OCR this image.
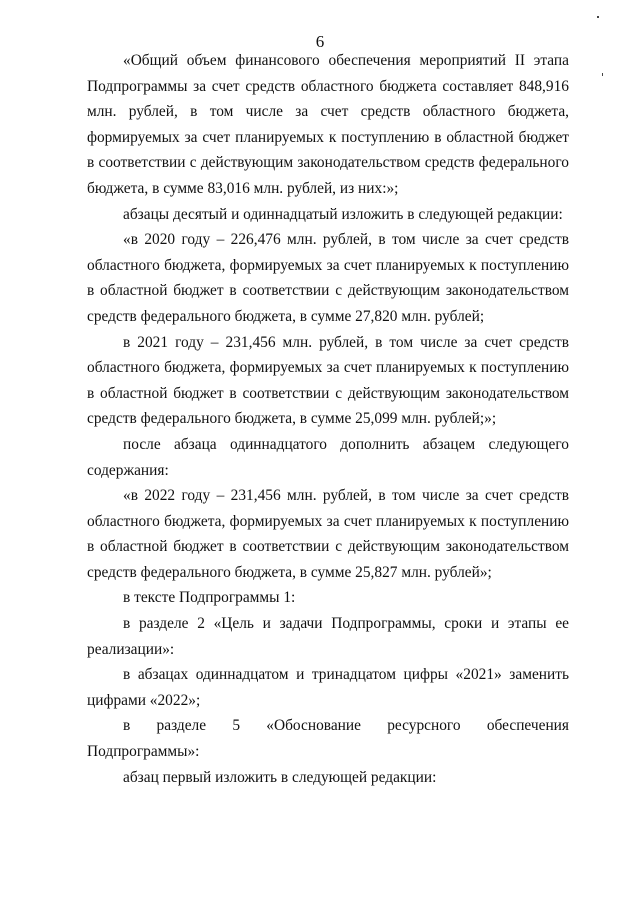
6

«Общий объем финансового обеспечения мероприятий II этапа Подпрограммы за счет средств областного бюджета составляет 848,916 млн. рублей, в том числе за счет средств областного бюджета, формируемых за счет планируемых к поступлению в областной бюджет в соответствии с действующим законодательством средств федерального бюджета, в сумме 83,016 млн. рублей, из них:»;

абзацы десятый и одиннадцатый изложить в следующей редакции:

«в 2020 году – 226,476 млн. рублей, в том числе за счет средств областного бюджета, формируемых за счет планируемых к поступлению в областной бюджет в соответствии с действующим законодательством средств федерального бюджета, в сумме 27,820 млн. рублей;

в 2021 году – 231,456 млн. рублей, в том числе за счет средств областного бюджета, формируемых за счет планируемых к поступлению в областной бюджет в соответствии с действующим законодательством средств федерального бюджета, в сумме 25,099 млн. рублей;»;

после абзаца одиннадцатого дополнить абзацем следующего содержания:

«в 2022 году – 231,456 млн. рублей, в том числе за счет средств областного бюджета, формируемых за счет планируемых к поступлению в областной бюджет в соответствии с действующим законодательством средств федерального бюджета, в сумме 25,827 млн. рублей»;

в тексте Подпрограммы 1:

в разделе 2 «Цель и задачи Подпрограммы, сроки и этапы ее реализации»:

в абзацах одиннадцатом и тринадцатом цифры «2021» заменить цифрами «2022»;

в разделе 5 «Обоснование ресурсного обеспечения Подпрограммы»:

абзац первый изложить в следующей редакции:
